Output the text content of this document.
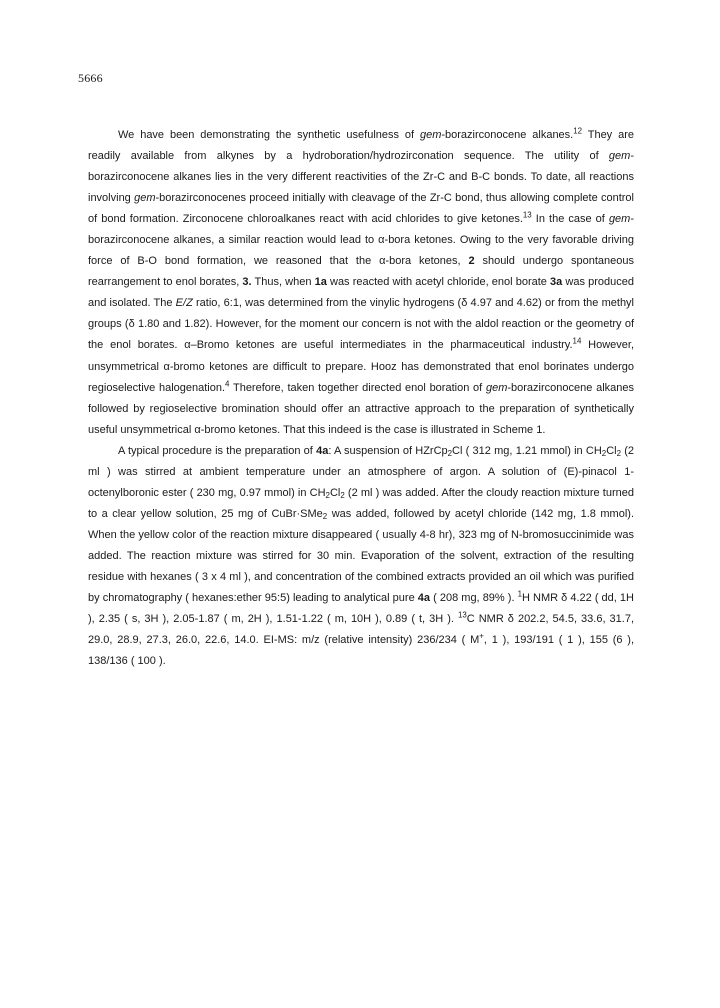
5666

We have been demonstrating the synthetic usefulness of gem-borazirconocene alkanes.$^{12}$ They are readily available from alkynes by a hydroboration/hydrozirconation sequence. The utility of gem-borazirconocene alkanes lies in the very different reactivities of the Zr-C and B-C bonds. To date, all reactions involving gem-borazirconocenes proceed initially with cleavage of the Zr-C bond, thus allowing complete control of bond formation. Zirconocene chloroalkanes react with acid chlorides to give ketones.$^{13}$ In the case of gem-borazirconocene alkanes, a similar reaction would lead to α-bora ketones. Owing to the very favorable driving force of B-O bond formation, we reasoned that the α-bora ketones, 2 should undergo spontaneous rearrangement to enol borates, 3. Thus, when 1a was reacted with acetyl chloride, enol borate 3a was produced and isolated. The E/Z ratio, 6:1, was determined from the vinylic hydrogens (δ 4.97 and 4.62) or from the methyl groups (δ 1.80 and 1.82). However, for the moment our concern is not with the aldol reaction or the geometry of the enol borates. α–Bromo ketones are useful intermediates in the pharmaceutical industry.$^{14}$ However, unsymmetrical α-bromo ketones are difficult to prepare. Hooz has demonstrated that enol borinates undergo regioselective halogenation.$^4$ Therefore, taken together directed enol boration of gem-borazirconocene alkanes followed by regioselective bromination should offer an attractive approach to the preparation of synthetically useful unsymmetrical α-bromo ketones. That this indeed is the case is illustrated in Scheme 1.

A typical procedure is the preparation of 4a: A suspension of HZrCp$_2$Cl ( 312 mg, 1.21 mmol) in $CH_2Cl_2$ (2 ml ) was stirred at ambient temperature under an atmosphere of argon. A solution of (E)-pinacol 1-octenylboronic ester ( 230 mg, 0.97 mmol) in $CH_2Cl_2$ (2 ml ) was added. After the cloudy reaction mixture turned to a clear yellow solution, 25 mg of CuBr·SMe$_2$ was added, followed by acetyl chloride (142 mg, 1.8 mmol). When the yellow color of the reaction mixture disappeared ( usually 4-8 hr), 323 mg of N-bromosuccinimide was added. The reaction mixture was stirred for 30 min. Evaporation of the solvent, extraction of the resulting residue with hexanes ( 3 x 4 ml ), and concentration of the combined extracts provided an oil which was purified by chromatography ( hexanes:ether 95:5) leading to analytical pure 4a ( 208 mg, 89% ). $^1$H NMR δ 4.22 ( dd, 1H ), 2.35 ( s, 3H ), 2.05-1.87 ( m, 2H ), 1.51-1.22 ( m, 10H ), 0.89 ( t, 3H ). $^{13}$C NMR δ 202.2, 54.5, 33.6, 31.7, 29.0, 28.9, 27.3, 26.0, 22.6, 14.0. EI-MS: m/z (relative intensity) 236/234 ( M+, 1 ), 193/191 ( 1 ), 155 (6 ), 138/136 ( 100 ).
